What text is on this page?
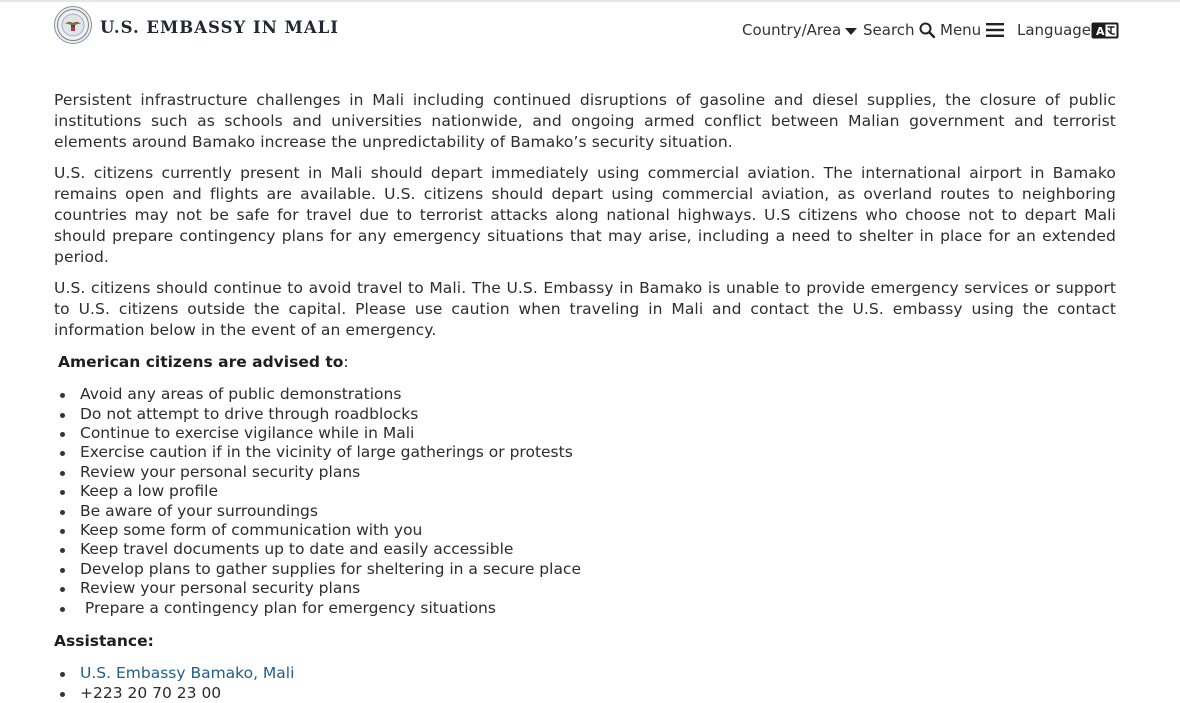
U.S. EMBASSY IN MALI	Country/Area Search Menu Language A

Persistent infrastructure challenges in Mali including continued disruptions of gasoline and diesel supplies, the closure of public institutions such as schools and universities nationwide, and ongoing armed conflict between Malian government and terrorist elements around Bamako increase the unpredictability of Bamako’s security situation.

U.S. citizens currently present in Mali should depart immediately using commercial aviation. The international airport in Bamako remains open and flights are available. U.S. citizens should depart using commercial aviation, as overland routes to neighboring countries may not be safe for travel due to terrorist attacks along national highways. U.S citizens who choose not to depart Mali should prepare contingency plans for any emergency situations that may arise, including a need to shelter in place for an extended period.

U.S. citizens should continue to avoid travel to Mali. The U.S. Embassy in Bamako is unable to provide emergency services or support to U.S. citizens outside the capital. Please use caution when traveling in Mali and contact the U.S. embassy using the contact information below in the event of an emergency.

American citizens are advised to:
Avoid any areas of public demonstrations
Do not attempt to drive through roadblocks
Continue to exercise vigilance while in Mali
Exercise caution if in the vicinity of large gatherings or protests
Review your personal security plans
Keep a low profile
Be aware of your surroundings
Keep some form of communication with you
Keep travel documents up to date and easily accessible
Develop plans to gather supplies for sheltering in a secure place
Review your personal security plans
Prepare a contingency plan for emergency situations
Assistance:
U.S. Embassy Bamako, Mali
+223 20 70 23 00
